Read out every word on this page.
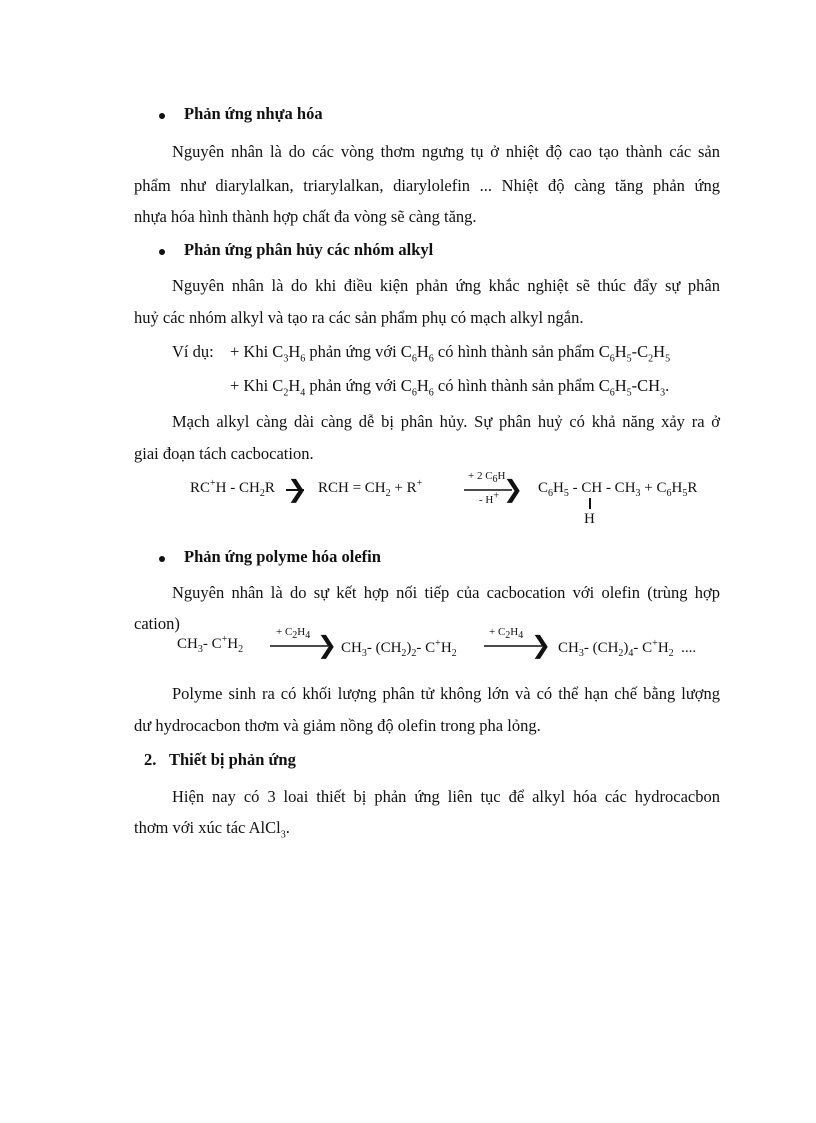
Phản ứng nhựa hóa
Nguyên nhân là do các vòng thơm ngưng tụ ở nhiệt độ cao tạo thành các sản
phẩm như diarylalkan, triarylalkan, diarylolefin ... Nhiệt độ càng tăng phản ứng
nhựa hóa hình thành hợp chất đa vòng sẽ càng tăng.
Phản ứng phân hủy các nhóm alkyl
Nguyên nhân là do khi điều kiện phản ứng khắc nghiệt sẽ thúc đẩy sự phân
huỷ các nhóm alkyl và tạo ra các sản phẩm phụ có mạch alkyl ngắn.
Ví dụ: + Khi $C_3H_6$ phản ứng với $C_6H_6$ có hình thành sản phẩm $C_6H_5-C_2H_5$
+ Khi $C_2H_4$ phản ứng với $C_6H_6$ có hình thành sản phẩm $C_6H_5-CH_3$.
Mạch alkyl càng dài càng dễ bị phân hủy. Sự phân huỷ có khả năng xảy ra ở
giai đoạn tách cacbocation.
$RC^+H - CH_2R$ ❯ RCH = $CH_2 + R^+$
+ 2 $C_6H$
❯
- H+	$C_6H_5$ - CH - $CH_3 + C_6H_5R$
H
Phản ứng polyme hóa olefin
Nguyên nhân là do sự kết hợp nối tiếp của cacbocation với olefin (trùng hợp
cation)
$CH_3-$ $C^+H_2$
+ $C_2H_4$ ❯ $CH_3-$ $(CH_2)_2-$ $C^+H_2$
+ $C_2H_4$ ❯ $CH_3-$ $(CH_2)_4-$ $C^+H_2$ ....
Polyme sinh ra có khối lượng phân tử không lớn và có thể hạn chế bằng lượng
dư hydrocacbon thơm và giảm nồng độ olefin trong pha lỏng.
2. Thiết bị phản ứng
Hiện nay có 3 loai thiết bị phản ứng liên tục để alkyl hóa các hydrocacbon
thơm với xúc tác AlCl$_3$.
